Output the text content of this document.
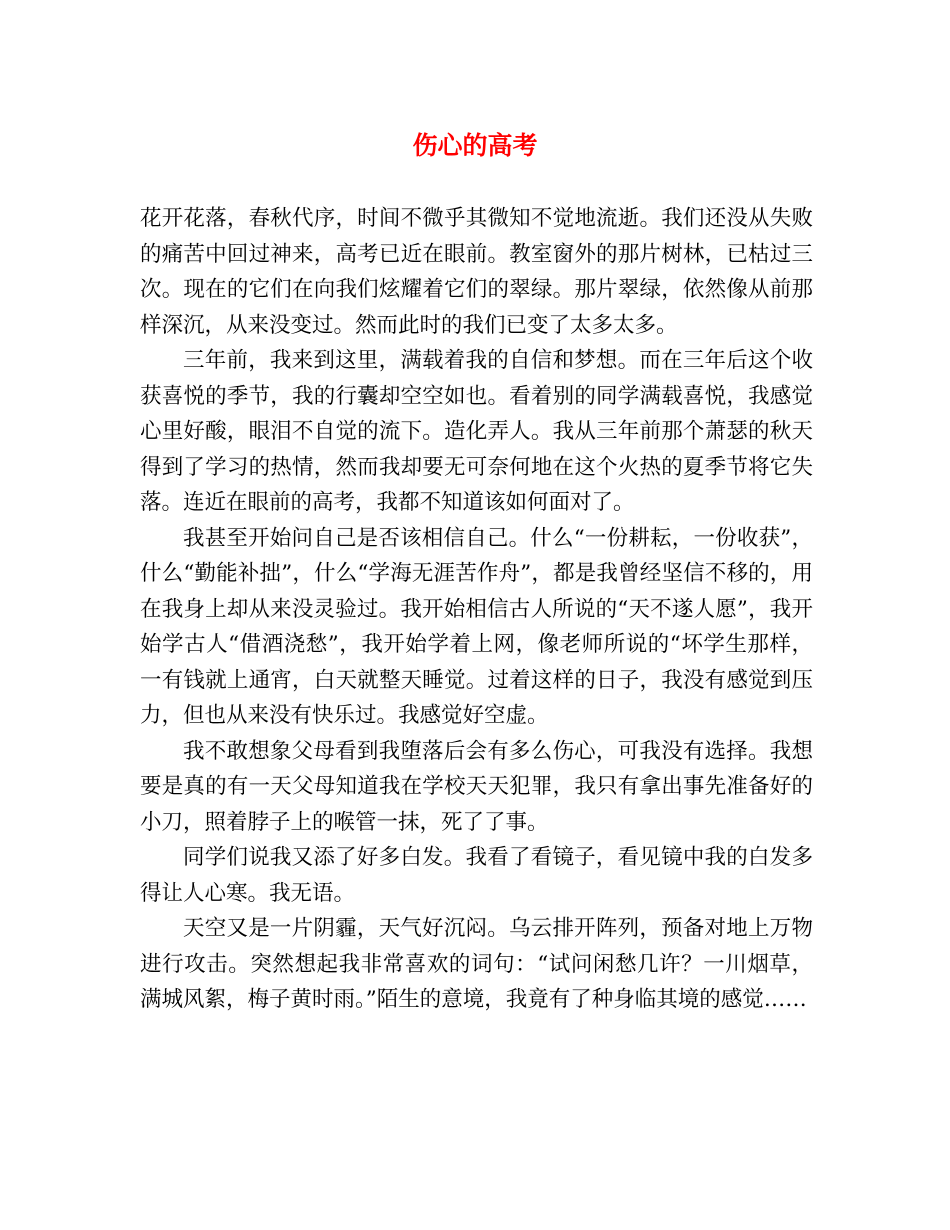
伤心的高考

花开花落，春秋代序，时间不微乎其微知不觉地流逝。我们还没从失败的痛苦中回过神来，高考已近在眼前。教室窗外的那片树林，已枯过三次。现在的它们在向我们炫耀着它们的翠绿。那片翠绿，依然像从前那样深沉，从来没变过。然而此时的我们已变了太多太多。

三年前，我来到这里，满载着我的自信和梦想。而在三年后这个收获喜悦的季节，我的行囊却空空如也。看着别的同学满载喜悦，我感觉心里好酸，眼泪不自觉的流下。造化弄人。我从三年前那个萧瑟的秋天得到了学习的热情，然而我却要无可奈何地在这个火热的夏季节将它失落。连近在眼前的高考，我都不知道该如何面对了。

我甚至开始问自己是否该相信自己。什么“一份耕耘，一份收获”，什么“勤能补拙”，什么“学海无涯苦作舟”，都是我曾经坚信不移的，用在我身上却从来没灵验过。我开始相信古人所说的“天不遂人愿”，我开始学古人“借酒浇愁”，我开始学着上网，像老师所说的“坏学生那样，一有钱就上通宵，白天就整天睡觉。过着这样的日子，我没有感觉到压力，但也从来没有快乐过。我感觉好空虚。

我不敢想象父母看到我堕落后会有多么伤心，可我没有选择。我想要是真的有一天父母知道我在学校天天犯罪，我只有拿出事先准备好的小刀，照着脖子上的喉管一抹，死了了事。

同学们说我又添了好多白发。我看了看镜子，看见镜中我的白发多得让人心寒。我无语。

天空又是一片阴霾，天气好沉闷。乌云排开阵列，预备对地上万物进行攻击。突然想起我非常喜欢的词句：“试问闲愁几许？一川烟草，满城风絮，梅子黄时雨。”陌生的意境，我竟有了种身临其境的感觉……
